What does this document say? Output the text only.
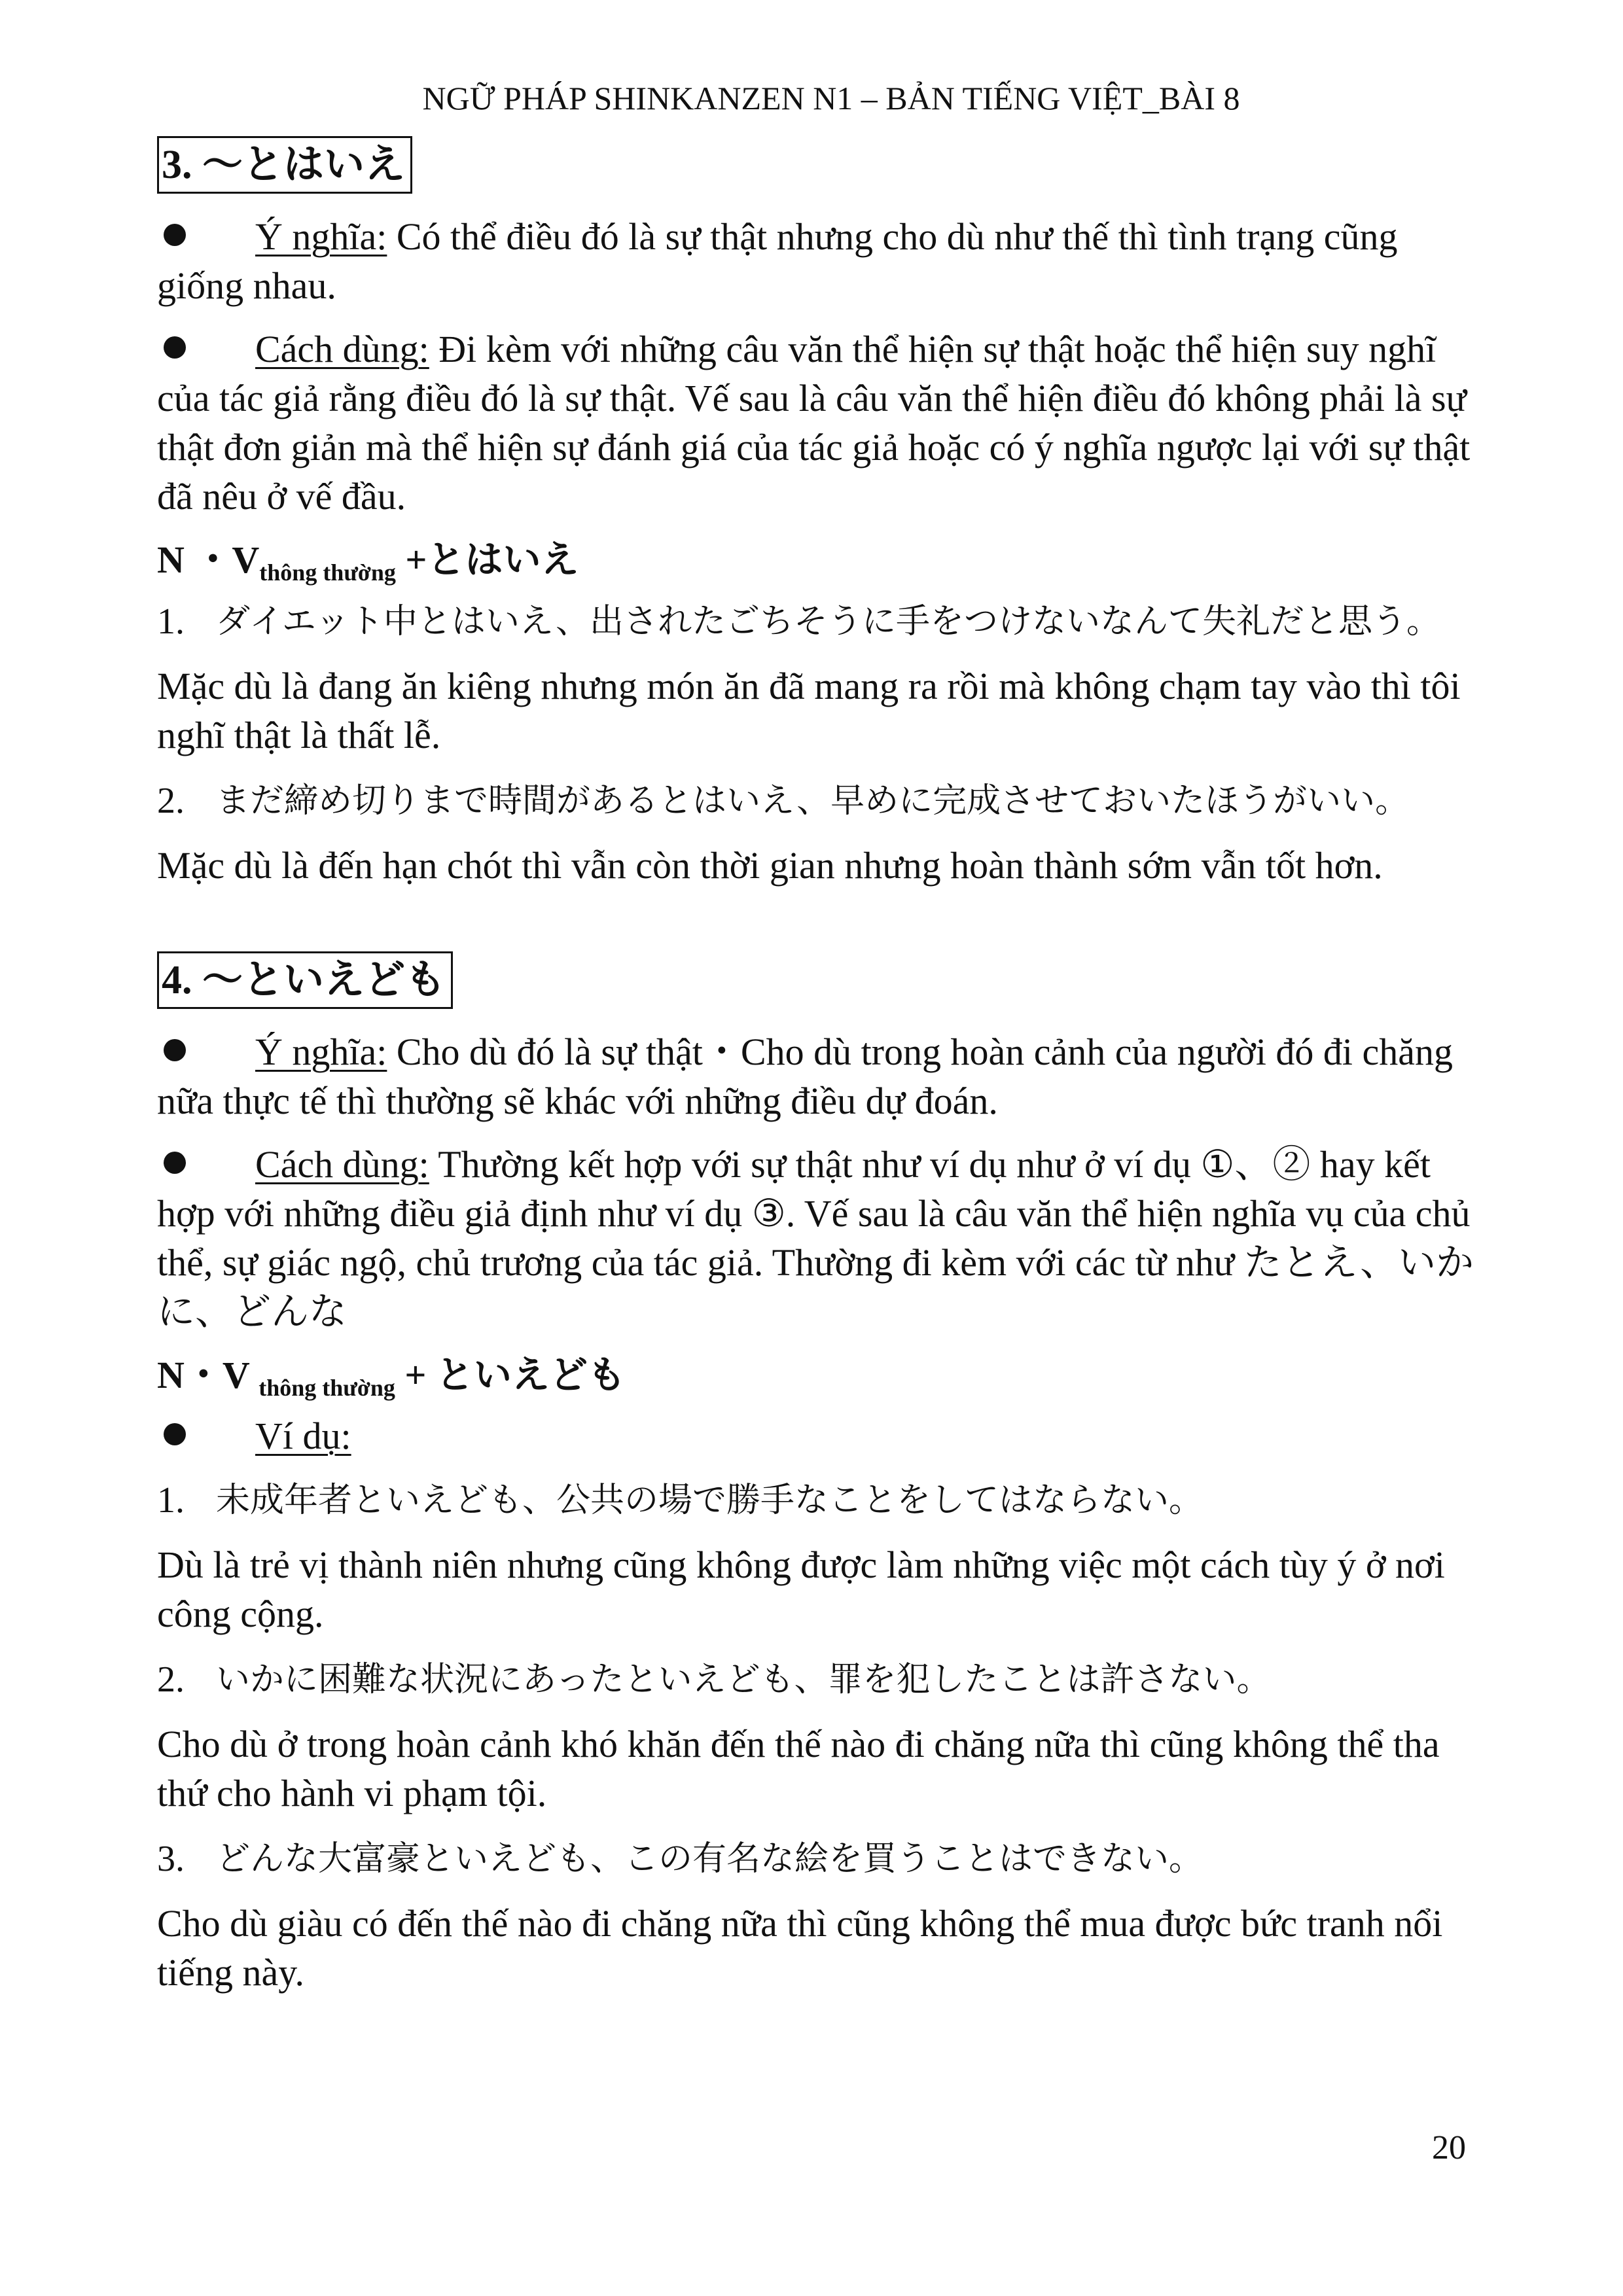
NGỮ PHÁP SHINKANZEN N1 – BẢN TIẾNG VIỆT_BÀI 8
3. ～とはいえ
Ý nghĩa: Có thể điều đó là sự thật nhưng cho dù như thế thì tình trạng cũng giống nhau.
Cách dùng: Đi kèm với những câu văn thể hiện sự thật hoặc thể hiện suy nghĩ của tác giả rằng điều đó là sự thật. Vế sau là câu văn thể hiện điều đó không phải là sự thật đơn giản mà thể hiện sự đánh giá của tác giả hoặc có ý nghĩa ngược lại với sự thật đã nêu ở vế đầu.
N ・$V_{thông thường}$ +とはいえ
1. ダイエット中とはいえ、出されたごちそうに手をつけないなんて失礼だと思う。
Mặc dù là đang ăn kiêng nhưng món ăn đã mang ra rồi mà không chạm tay vào thì tôi nghĩ thật là thất lễ.
2. まだ締め切りまで時間があるとはいえ、早めに完成させておいたほうがいい。
Mặc dù là đến hạn chót thì vẫn còn thời gian nhưng hoàn thành sớm vẫn tốt hơn.
4. ～といえども
Ý nghĩa: Cho dù đó là sự thật・Cho dù trong hoàn cảnh của người đó đi chăng nữa thực tế thì thường sẽ khác với những điều dự đoán.
Cách dùng: Thường kết hợp với sự thật như ví dụ như ở ví dụ ①、② hay kết hợp với những điều giả định như ví dụ ③. Vế sau là câu văn thể hiện nghĩa vụ của chủ thể, sự giác ngộ, chủ trương của tác giả. Thường đi kèm với các từ như たとえ、いかに、どんな
N・V $_{thông thường}$ + といえども
Ví dụ:
1. 未成年者といえども、公共の場で勝手なことをしてはならない。
Dù là trẻ vị thành niên nhưng cũng không được làm những việc một cách tùy ý ở nơi công cộng.
2. いかに困難な状況にあったといえども、罪を犯したことは許さない。
Cho dù ở trong hoàn cảnh khó khăn đến thế nào đi chăng nữa thì cũng không thể tha thứ cho hành vi phạm tội.
3. どんな大富豪といえども、この有名な絵を買うことはできない。
Cho dù giàu có đến thế nào đi chăng nữa thì cũng không thể mua được bức tranh nổi tiếng này.
20
